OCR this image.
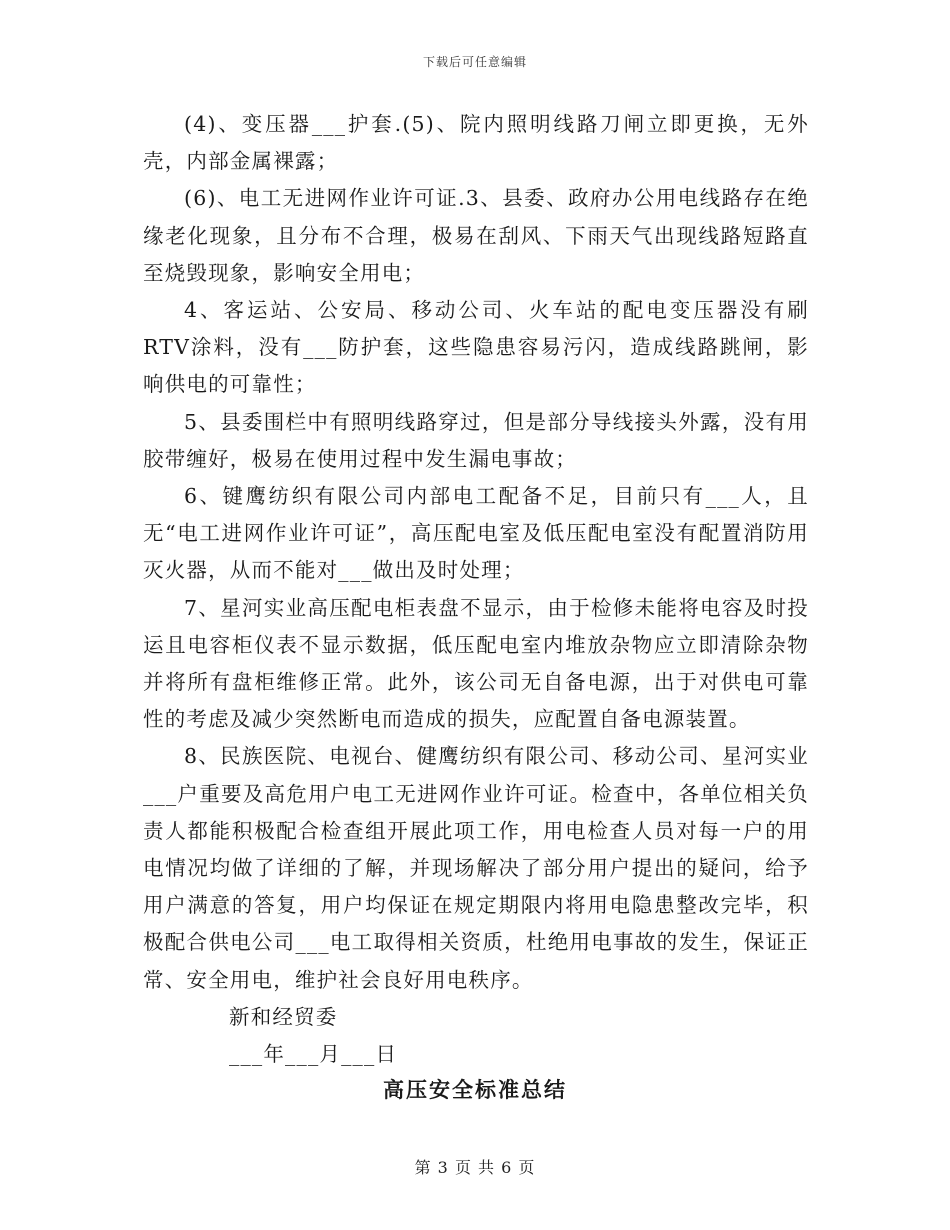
下载后可任意编辑

(4)、变压器___护套.(5)、院内照明线路刀闸立即更换，无外壳，内部金属裸露；

(6)、电工无进网作业许可证.3、县委、政府办公用电线路存在绝缘老化现象，且分布不合理，极易在刮风、下雨天气出现线路短路直至烧毁现象，影响安全用电；

4、客运站、公安局、移动公司、火车站的配电变压器没有刷RTV涂料，没有___防护套，这些隐患容易污闪，造成线路跳闸，影响供电的可靠性；

5、县委围栏中有照明线路穿过，但是部分导线接头外露，没有用胶带缠好，极易在使用过程中发生漏电事故；

6、键鹰纺织有限公司内部电工配备不足，目前只有___人，且无“电工进网作业许可证”，高压配电室及低压配电室没有配置消防用灭火器，从而不能对___做出及时处理；

7、星河实业高压配电柜表盘不显示，由于检修未能将电容及时投运且电容柜仪表不显示数据，低压配电室内堆放杂物应立即清除杂物并将所有盘柜维修正常。此外，该公司无自备电源，出于对供电可靠性的考虑及减少突然断电而造成的损失，应配置自备电源装置。

8、民族医院、电视台、健鹰纺织有限公司、移动公司、星河实业___户重要及高危用户电工无进网作业许可证。检查中，各单位相关负责人都能积极配合检查组开展此项工作，用电检查人员对每一户的用电情况均做了详细的了解，并现场解决了部分用户提出的疑问，给予用户满意的答复，用户均保证在规定期限内将用电隐患整改完毕，积极配合供电公司___电工取得相关资质，杜绝用电事故的发生，保证正常、安全用电，维护社会良好用电秩序。

新和经贸委

___年___月___日

高压安全标准总结
第 3 页 共 6 页
